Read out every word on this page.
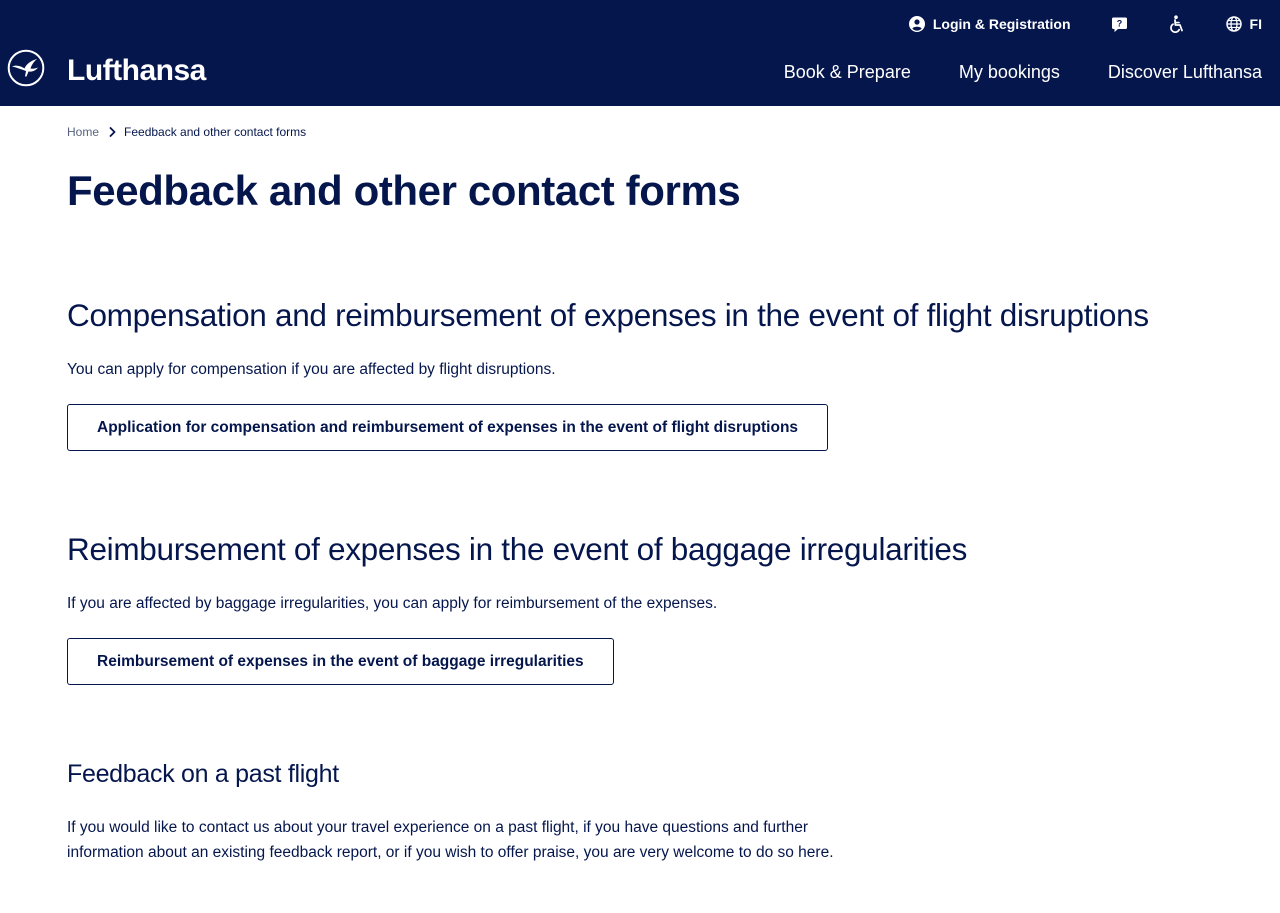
Login & Registration	?	FI
Lufthansa	Book & Prepare	My bookings	Discover Lufthansa
Home Feedback and other contact forms
Feedback and other contact forms
Compensation and reimbursement of expenses in the event of flight disruptions

You can apply for compensation if you are affected by flight disruptions.

Application for compensation and reimbursement of expenses in the event of flight disruptions
Reimbursement of expenses in the event of baggage irregularities

If you are affected by baggage irregularities, you can apply for reimbursement of the expenses.

Reimbursement of expenses in the event of baggage irregularities
Feedback on a past flight

If you would like to contact us about your travel experience on a past flight, if you have questions and further information about an existing feedback report, or if you wish to offer praise, you are very welcome to do so here.
